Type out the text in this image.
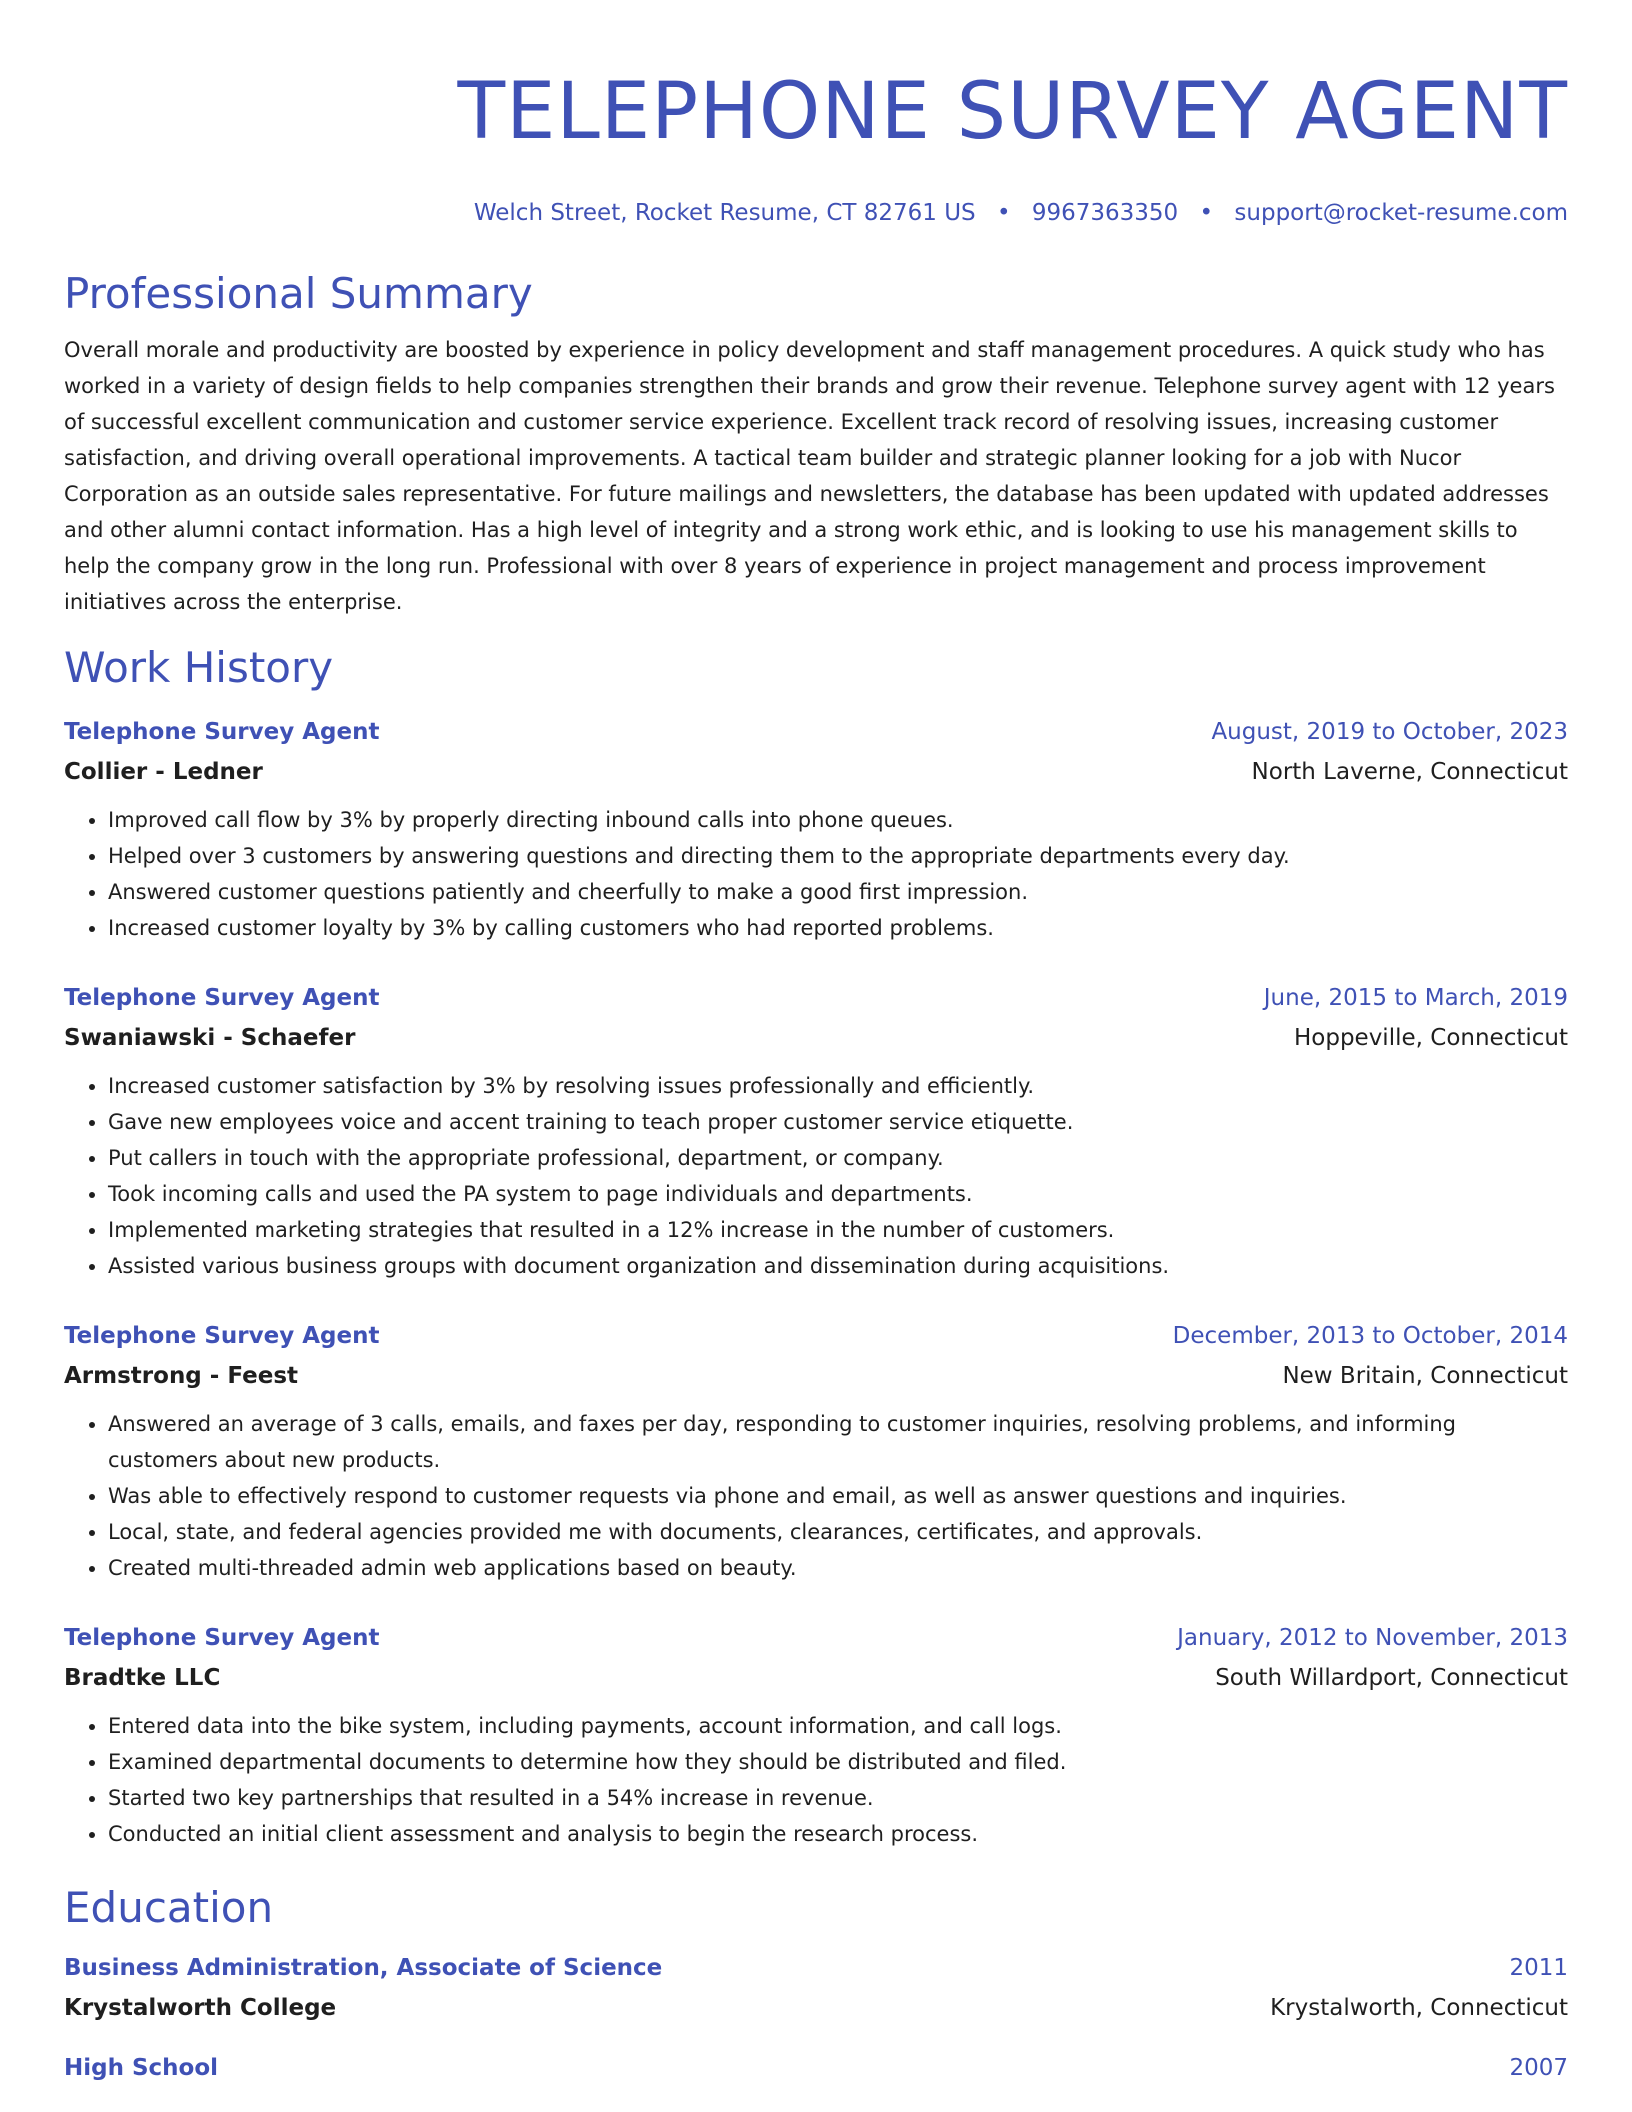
TELEPHONE SURVEY AGENT
Welch Street, Rocket Resume, CT 82761 US • 9967363350 • support@rocket-resume.com
Professional Summary
Overall morale and productivity are boosted by experience in policy development and staff management procedures. A quick study who has worked in a variety of design fields to help companies strengthen their brands and grow their revenue. Telephone survey agent with 12 years of successful excellent communication and customer service experience. Excellent track record of resolving issues, increasing customer satisfaction, and driving overall operational improvements. A tactical team builder and strategic planner looking for a job with Nucor Corporation as an outside sales representative. For future mailings and newsletters, the database has been updated with updated addresses and other alumni contact information. Has a high level of integrity and a strong work ethic, and is looking to use his management skills to help the company grow in the long run. Professional with over 8 years of experience in project management and process improvement initiatives across the enterprise.
Work History
Telephone Survey Agent	August, 2019 to October, 2023
Collier - Ledner	North Laverne, Connecticut
• Improved call flow by 3% by properly directing inbound calls into phone queues.
• Helped over 3 customers by answering questions and directing them to the appropriate departments every day.
• Answered customer questions patiently and cheerfully to make a good first impression.
• Increased customer loyalty by 3% by calling customers who had reported problems.
Telephone Survey Agent	June, 2015 to March, 2019
Swaniawski - Schaefer	Hoppeville, Connecticut
• Increased customer satisfaction by 3% by resolving issues professionally and efficiently.
• Gave new employees voice and accent training to teach proper customer service etiquette.
• Put callers in touch with the appropriate professional, department, or company.
• Took incoming calls and used the PA system to page individuals and departments.
• Implemented marketing strategies that resulted in a 12% increase in the number of customers.
• Assisted various business groups with document organization and dissemination during acquisitions.
Telephone Survey Agent	December, 2013 to October, 2014
Armstrong - Feest	New Britain, Connecticut
• Answered an average of 3 calls, emails, and faxes per day, responding to customer inquiries, resolving problems, and informing customers about new products.
• Was able to effectively respond to customer requests via phone and email, as well as answer questions and inquiries.
• Local, state, and federal agencies provided me with documents, clearances, certificates, and approvals.
• Created multi-threaded admin web applications based on beauty.
Telephone Survey Agent	January, 2012 to November, 2013
Bradtke LLC	South Willardport, Connecticut
• Entered data into the bike system, including payments, account information, and call logs.
• Examined departmental documents to determine how they should be distributed and filed.
• Started two key partnerships that resulted in a 54% increase in revenue.
• Conducted an initial client assessment and analysis to begin the research process.
Education
Business Administration, Associate of Science	2011
Krystalworth College	Krystalworth, Connecticut
High School	2007
